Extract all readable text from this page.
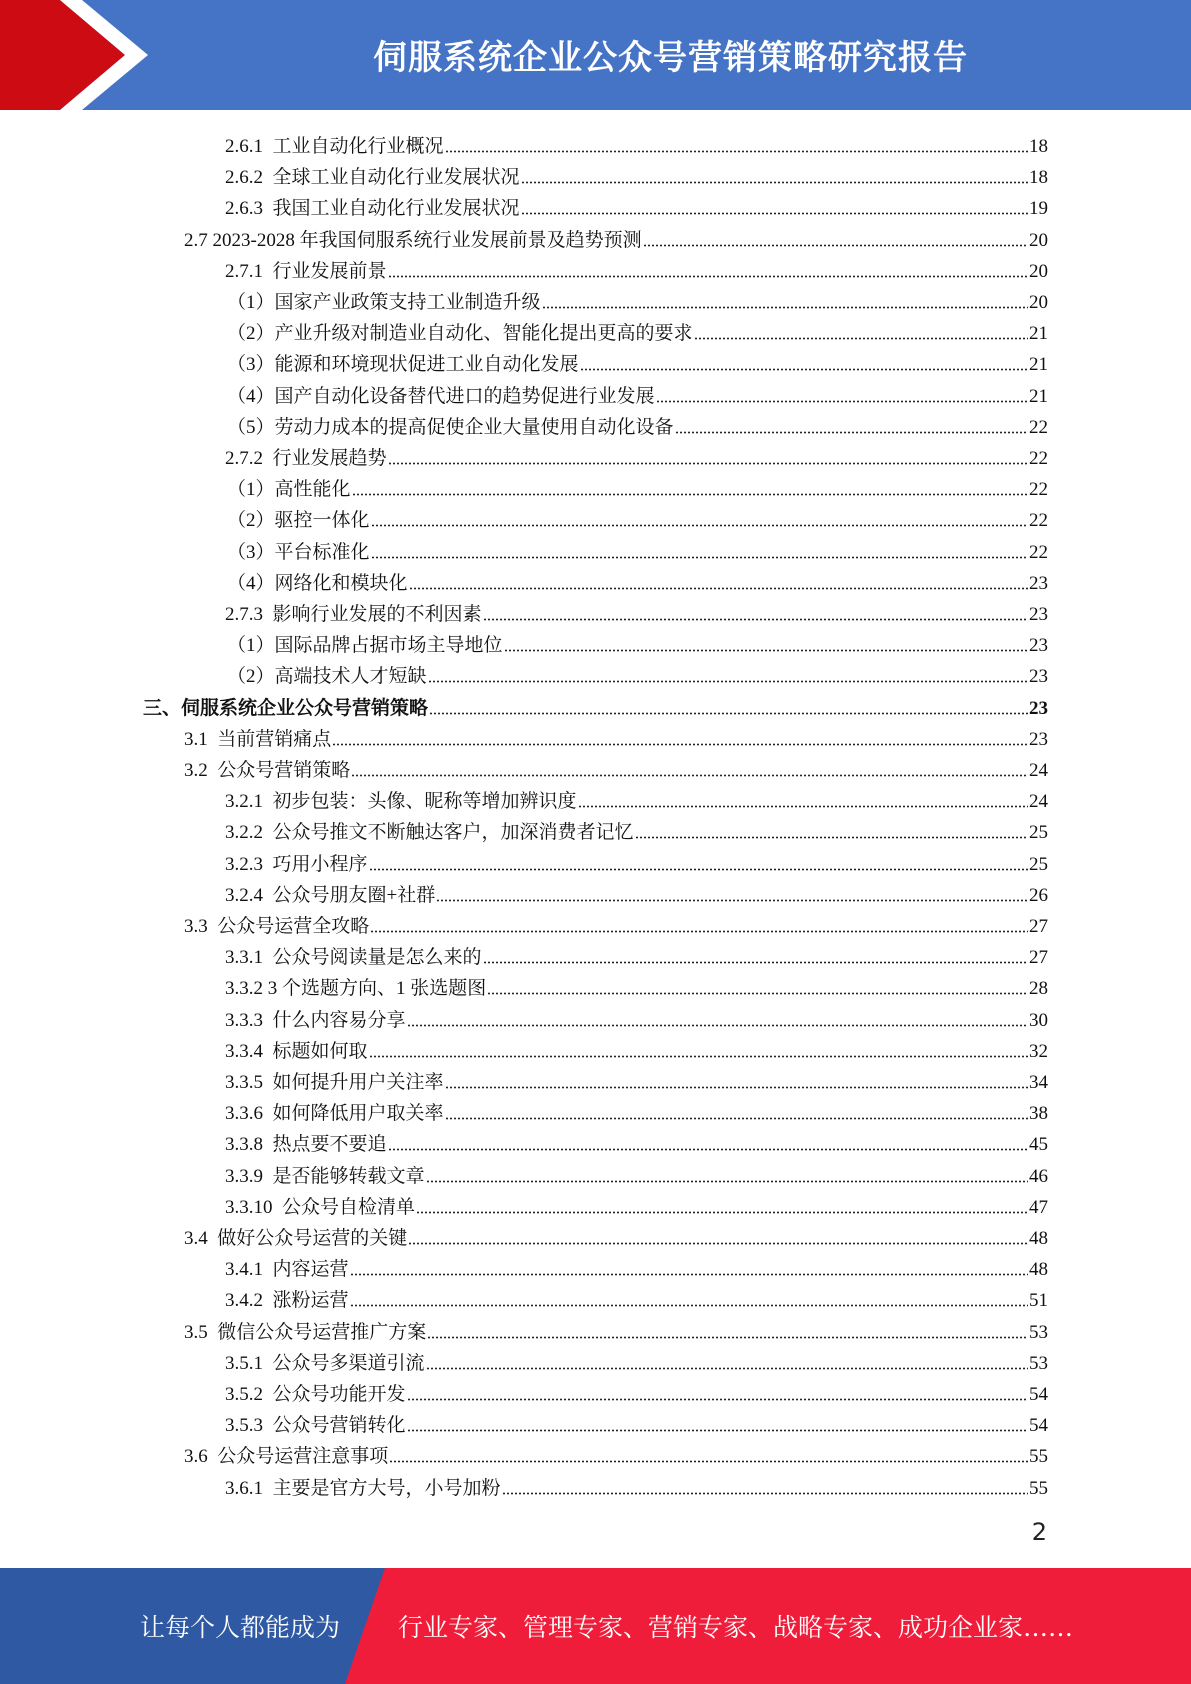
伺服系统企业公众号营销策略研究报告
2.6.1  工业自动化行业概况	18
2.6.2  全球工业自动化行业发展状况	18
2.6.3  我国工业自动化行业发展状况	19
2.7 2023-2028 年我国伺服系统行业发展前景及趋势预测	20
2.7.1  行业发展前景	20
（1）国家产业政策支持工业制造升级	20
（2）产业升级对制造业自动化、智能化提出更高的要求	21
（3）能源和环境现状促进工业自动化发展	21
（4）国产自动化设备替代进口的趋势促进行业发展	21
（5）劳动力成本的提高促使企业大量使用自动化设备	22
2.7.2  行业发展趋势	22
（1）高性能化	22
（2）驱控一体化	22
（3）平台标准化	22
（4）网络化和模块化	23
2.7.3  影响行业发展的不利因素	23
（1）国际品牌占据市场主导地位	23
（2）高端技术人才短缺	23
三、伺服系统企业公众号营销策略	23
3.1  当前营销痛点	23
3.2  公众号营销策略	24
3.2.1  初步包装：头像、昵称等增加辨识度	24
3.2.2  公众号推文不断触达客户，加深消费者记忆	25
3.2.3  巧用小程序	25
3.2.4  公众号朋友圈+社群	26
3.3  公众号运营全攻略	27
3.3.1  公众号阅读量是怎么来的	27
3.3.2 3 个选题方向、1 张选题图	28
3.3.3  什么内容易分享	30
3.3.4  标题如何取	32
3.3.5  如何提升用户关注率	34
3.3.6  如何降低用户取关率	38
3.3.8  热点要不要追	45
3.3.9  是否能够转载文章	46
3.3.10  公众号自检清单	47
3.4  做好公众号运营的关键	48
3.4.1  内容运营	48
3.4.2  涨粉运营	51
3.5  微信公众号运营推广方案	53
3.5.1  公众号多渠道引流	53
3.5.2  公众号功能开发	54
3.5.3  公众号营销转化	54
3.6  公众号运营注意事项	55
3.6.1  主要是官方大号，小号加粉	55
2
让每个人都能成为 行业专家、管理专家、营销专家、战略专家、成功企业家……
